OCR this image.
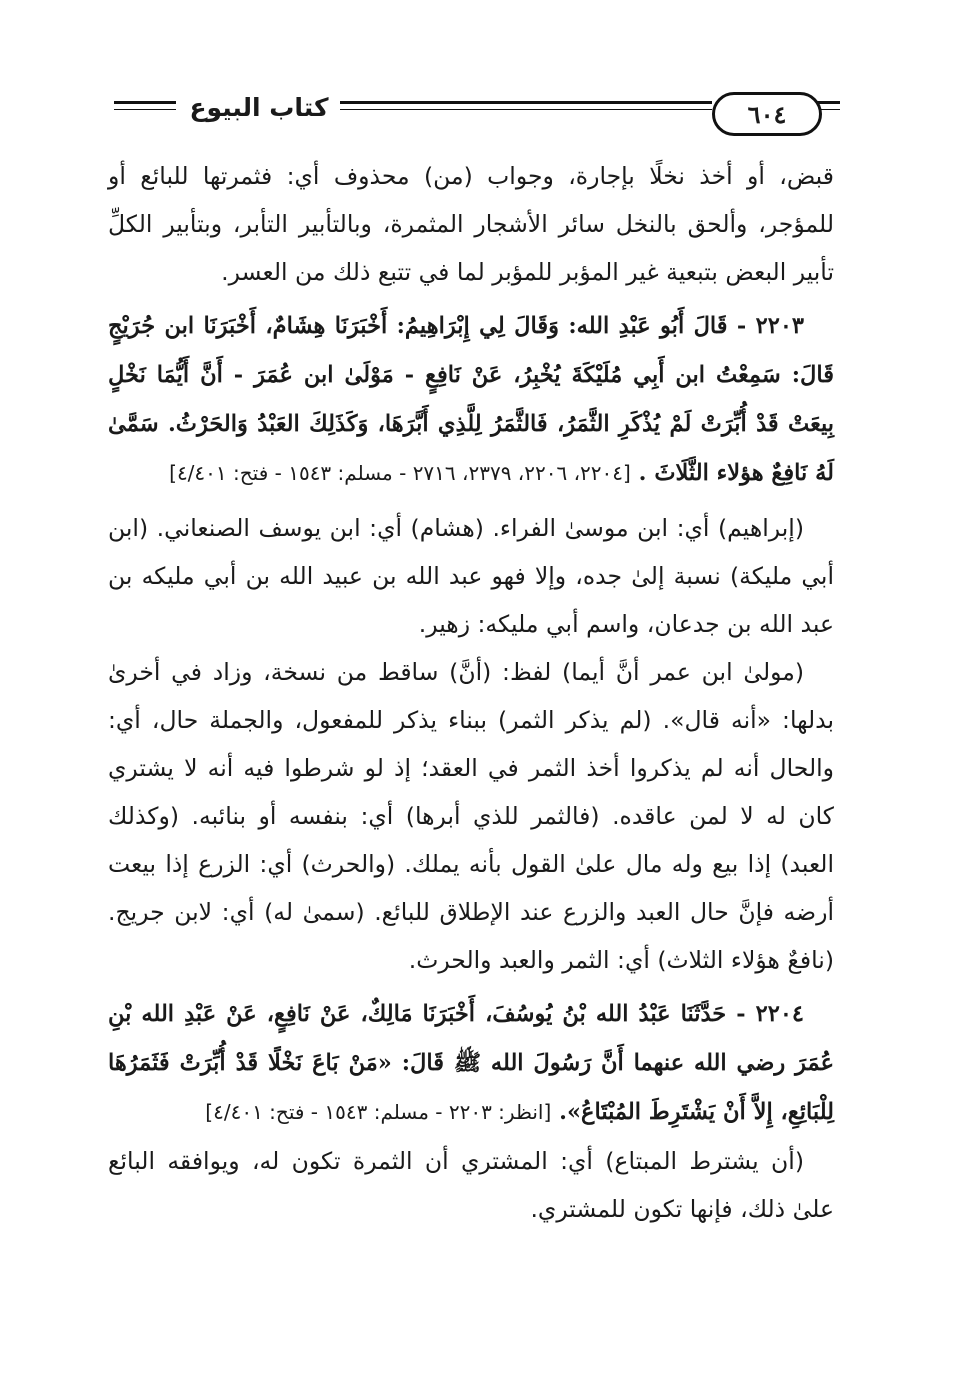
كتاب البيوع	٦٠٤

قبض، أو أخذ نخلًا بإجارة، وجواب (من) محذوف أي: فثمرتها للبائع أو للمؤجر، وألحق بالنخل سائر الأشجار المثمرة، وبالتأبير التأبر، وبتأبير الكلِّ تأبير البعض بتبعية غير المؤبر للمؤبر لما في تتبع ذلك من العسر.

٢٢٠٣ - قَالَ أَبُو عَبْدِ الله: وَقَالَ لِي إِبْرَاهِيمُ: أَخْبَرَنَا هِشَامٌ، أَخْبَرَنَا ابن جُرَيْجٍ قَالَ: سَمِعْتُ ابن أَبِي مُلَيْكَةَ يُخْبِرُ، عَنْ نَافِعٍ - مَوْلَىٰ ابن عُمَرَ - أَنَّ أَيُّمَا نَخْلٍ بِيعَتْ قَدْ أُبِّرَتْ لَمْ يُذْكَرِ الثَّمَرُ، فَالثَّمَرُ لِلَّذِي أَبَّرَهَا، وَكَذَلِكَ العَبْدُ وَالحَرْثُ. سَمَّىٰ لَهُ نَافِعٌ هؤلاء الثَّلَاثَ . [٢٢٠٤، ٢٢٠٦، ٢٣٧٩، ٢٧١٦ - مسلم: ١٥٤٣ - فتح: ٤/٤٠١]

(إبراهيم) أي: ابن موسىٰ الفراء. (هشام) أي: ابن يوسف الصنعاني. (ابن أبي مليكة) نسبة إلىٰ جده، وإلا فهو عبد الله بن عبيد الله بن أبي مليكه بن عبد الله بن جدعان، واسم أبي مليكه: زهير.

(مولىٰ ابن عمر أنَّ أيما) لفظ: (أنَّ) ساقط من نسخة، وزاد في أخرىٰ بدلها: «أنه قال». (لم يذكر الثمر) ببناء يذكر للمفعول، والجملة حال، أي: والحال أنه لم يذكروا أخذ الثمر في العقد؛ إذ لو شرطوا فيه أنه لا يشتري كان له لا لمن عاقده. (فالثمر للذي أبرها) أي: بنفسه أو بنائبه. (وكذلك العبد) إذا بيع وله مال علىٰ القول بأنه يملك. (والحرث) أي: الزرع إذا بيعت أرضه فإنَّ حال العبد والزرع عند الإطلاق للبائع. (سمىٰ له) أي: لابن جريج. (نافعٌ هؤلاء الثلاث) أي: الثمر والعبد والحرث.

٢٢٠٤ - حَدَّثَنَا عَبْدُ الله بْنُ يُوسُفَ، أَخْبَرَنَا مَالِكٌ، عَنْ نَافِعٍ، عَنْ عَبْدِ الله بْنِ عُمَرَ رضي الله عنهما أَنَّ رَسُولَ الله ﷺ قَالَ: «مَنْ بَاعَ نَخْلًا قَدْ أُبِّرَتْ فَثَمَرُهَا لِلْبَائِعِ، إِلاَّ أَنْ يَشْتَرِطَ المُبْتَاعُ». [انظر: ٢٢٠٣ - مسلم: ١٥٤٣ - فتح: ٤/٤٠١]

(أن يشترط المبتاع) أي: المشتري أن الثمرة تكون له، ويوافقه البائع علىٰ ذلك، فإنها تكون للمشتري.
